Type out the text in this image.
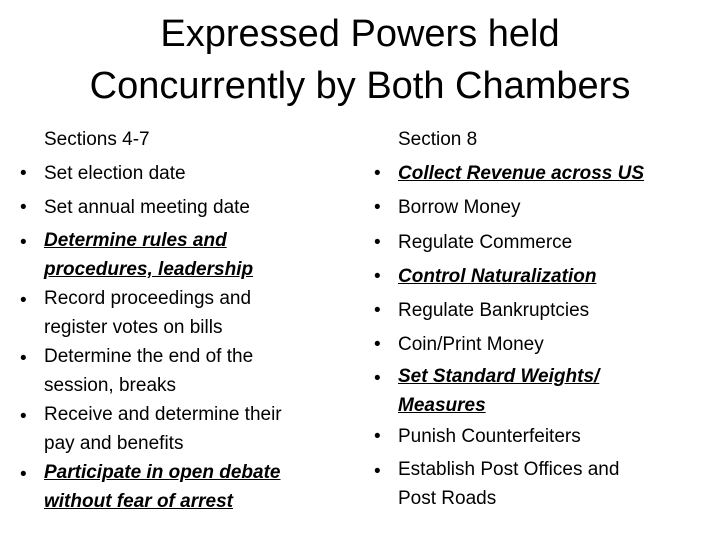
Expressed Powers held
Concurrently by Both Chambers
Sections 4-7
• Set election date
• Set annual meeting date
• Determine rules and
procedures, leadership
• Record proceedings and
register votes on bills
• Determine the end of the
session, breaks
• Receive and determine their
pay and benefits
• Participate in open debate
without fear of arrest
Section 8
• Collect Revenue across US
• Borrow Money
• Regulate Commerce
• Control Naturalization
• Regulate Bankruptcies
• Coin/Print Money
• Set Standard Weights/
Measures
• Punish Counterfeiters
• Establish Post Offices and
Post Roads
